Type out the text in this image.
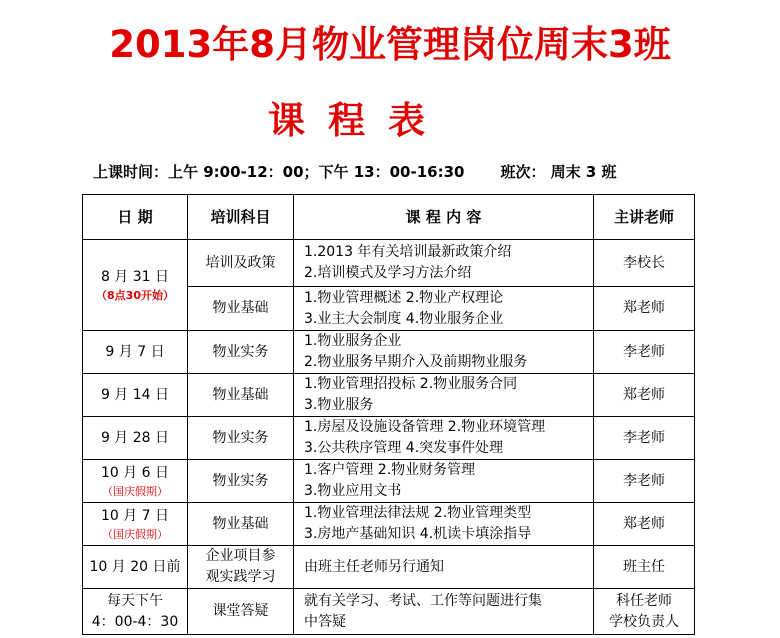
2013年8月物业管理岗位周末3班
课 程 表
上课时间：上午 9:00-12：00；下午 13：00-16:30 班次： 周末 3 班
日 期	培训科目	课 程 内 容	主讲老师

8 月 31 日
（8点30开始）	培训及政策	1.2013 年有关培训最新政策介绍
2.培训模式及学习方法介绍	李校长
	物业基础	1.物业管理概述 2.物业产权理论
3.业主大会制度 4.物业服务企业	郑老师
9 月 7 日	物业实务	1.物业服务企业
2.物业服务早期介入及前期物业服务	李老师
9 月 14 日	物业基础	1.物业管理招投标 2.物业服务合同
3.物业服务	郑老师
9 月 28 日	物业实务	1.房屋及设施设备管理 2.物业环境管理
3.公共秩序管理 4.突发事件处理	李老师

10 月 6 日
（国庆假期）	物业实务	1.客户管理 2.物业财务管理
3.物业应用文书	李老师

10 月 7 日
（国庆假期）	物业基础	1.物业管理法律法规 2.物业管理类型
3.房地产基础知识 4.机读卡填涂指导	郑老师
10 月 20 日前	企业项目参
观实践学习	由班主任老师另行通知	班主任

每天下午
4：00-4：30	课堂答疑	就有关学习、考试、工作等问题进行集
中答疑	科任老师
学校负责人
